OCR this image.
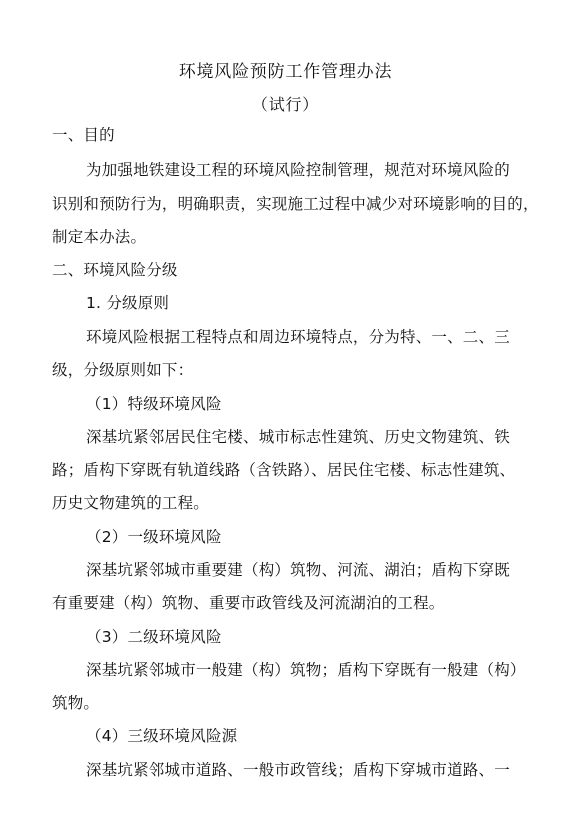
环境风险预防工作管理办法
（试行）
一、目的
为加强地铁建设工程的环境风险控制管理，规范对环境风险的
识别和预防行为，明确职责，实现施工过程中减少对环境影响的目的，
制定本办法。
二、环境风险分级
1. 分级原则
环境风险根据工程特点和周边环境特点，分为特、一、二、三
级，分级原则如下：
（1）特级环境风险
深基坑紧邻居民住宅楼、城市标志性建筑、历史文物建筑、铁
路；盾构下穿既有轨道线路（含铁路）、居民住宅楼、标志性建筑、
历史文物建筑的工程。
（2）一级环境风险
深基坑紧邻城市重要建（构）筑物、河流、湖泊；盾构下穿既
有重要建（构）筑物、重要市政管线及河流湖泊的工程。
（3）二级环境风险
深基坑紧邻城市一般建（构）筑物；盾构下穿既有一般建（构）
筑物。
（4）三级环境风险源
深基坑紧邻城市道路、一般市政管线；盾构下穿城市道路、一
